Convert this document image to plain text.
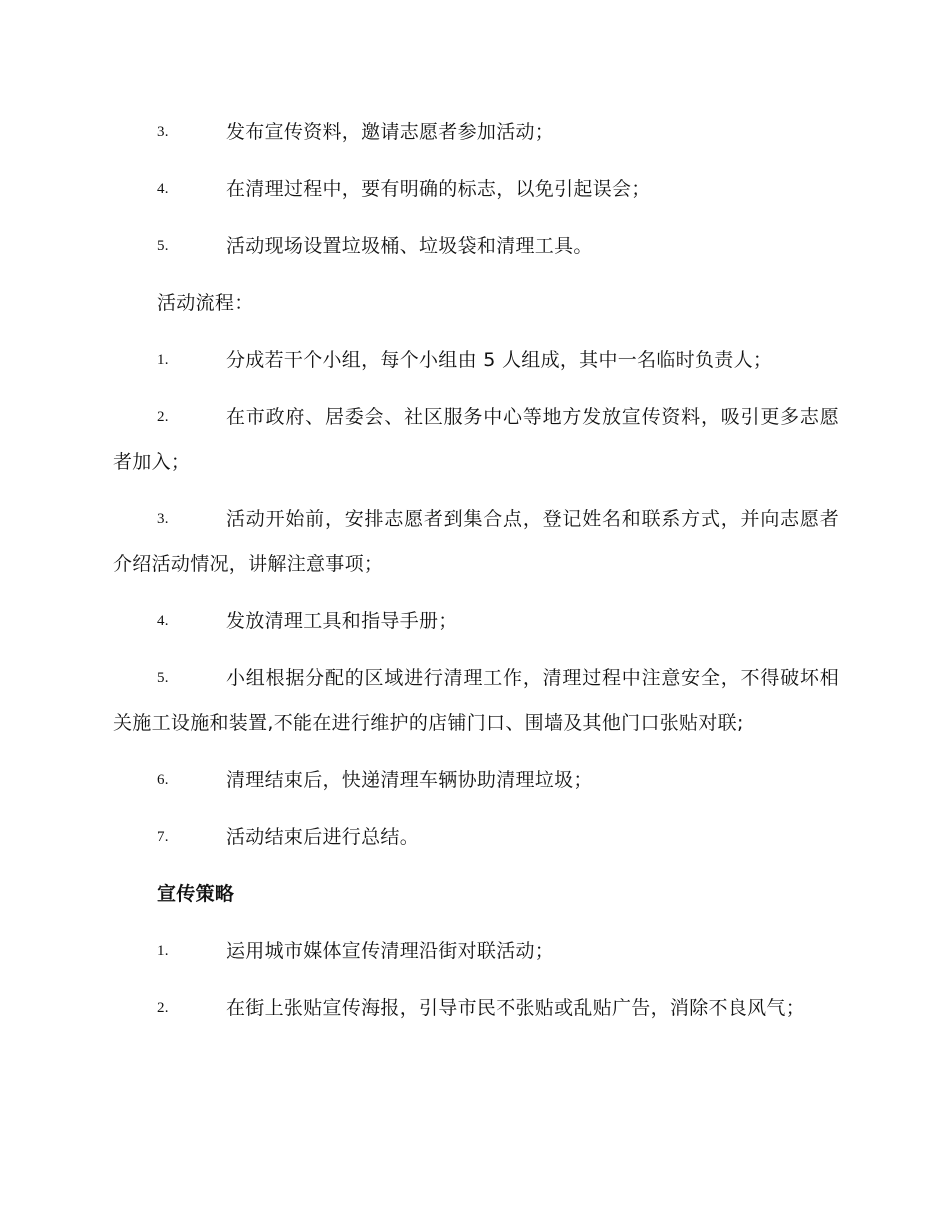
3.	发布宣传资料，邀请志愿者参加活动；
4.	在清理过程中，要有明确的标志，以免引起误会；
5.	活动现场设置垃圾桶、垃圾袋和清理工具。
活动流程：
1.	分成若干个小组，每个小组由 5 人组成，其中一名临时负责人；
2.	在市政府、居委会、社区服务中心等地方发放宣传资料，吸引更多志愿者加入；
3.	活动开始前，安排志愿者到集合点，登记姓名和联系方式，并向志愿者介绍活动情况，讲解注意事项；
4.	发放清理工具和指导手册；
5.	小组根据分配的区域进行清理工作，清理过程中注意安全，不得破坏相关施工设施和装置,不能在进行维护的店铺门口、围墙及其他门口张贴对联;
6.	清理结束后，快递清理车辆协助清理垃圾；
7.	活动结束后进行总结。
宣传策略
1.	运用城市媒体宣传清理沿街对联活动；
2.	在街上张贴宣传海报，引导市民不张贴或乱贴广告，消除不良风气；
